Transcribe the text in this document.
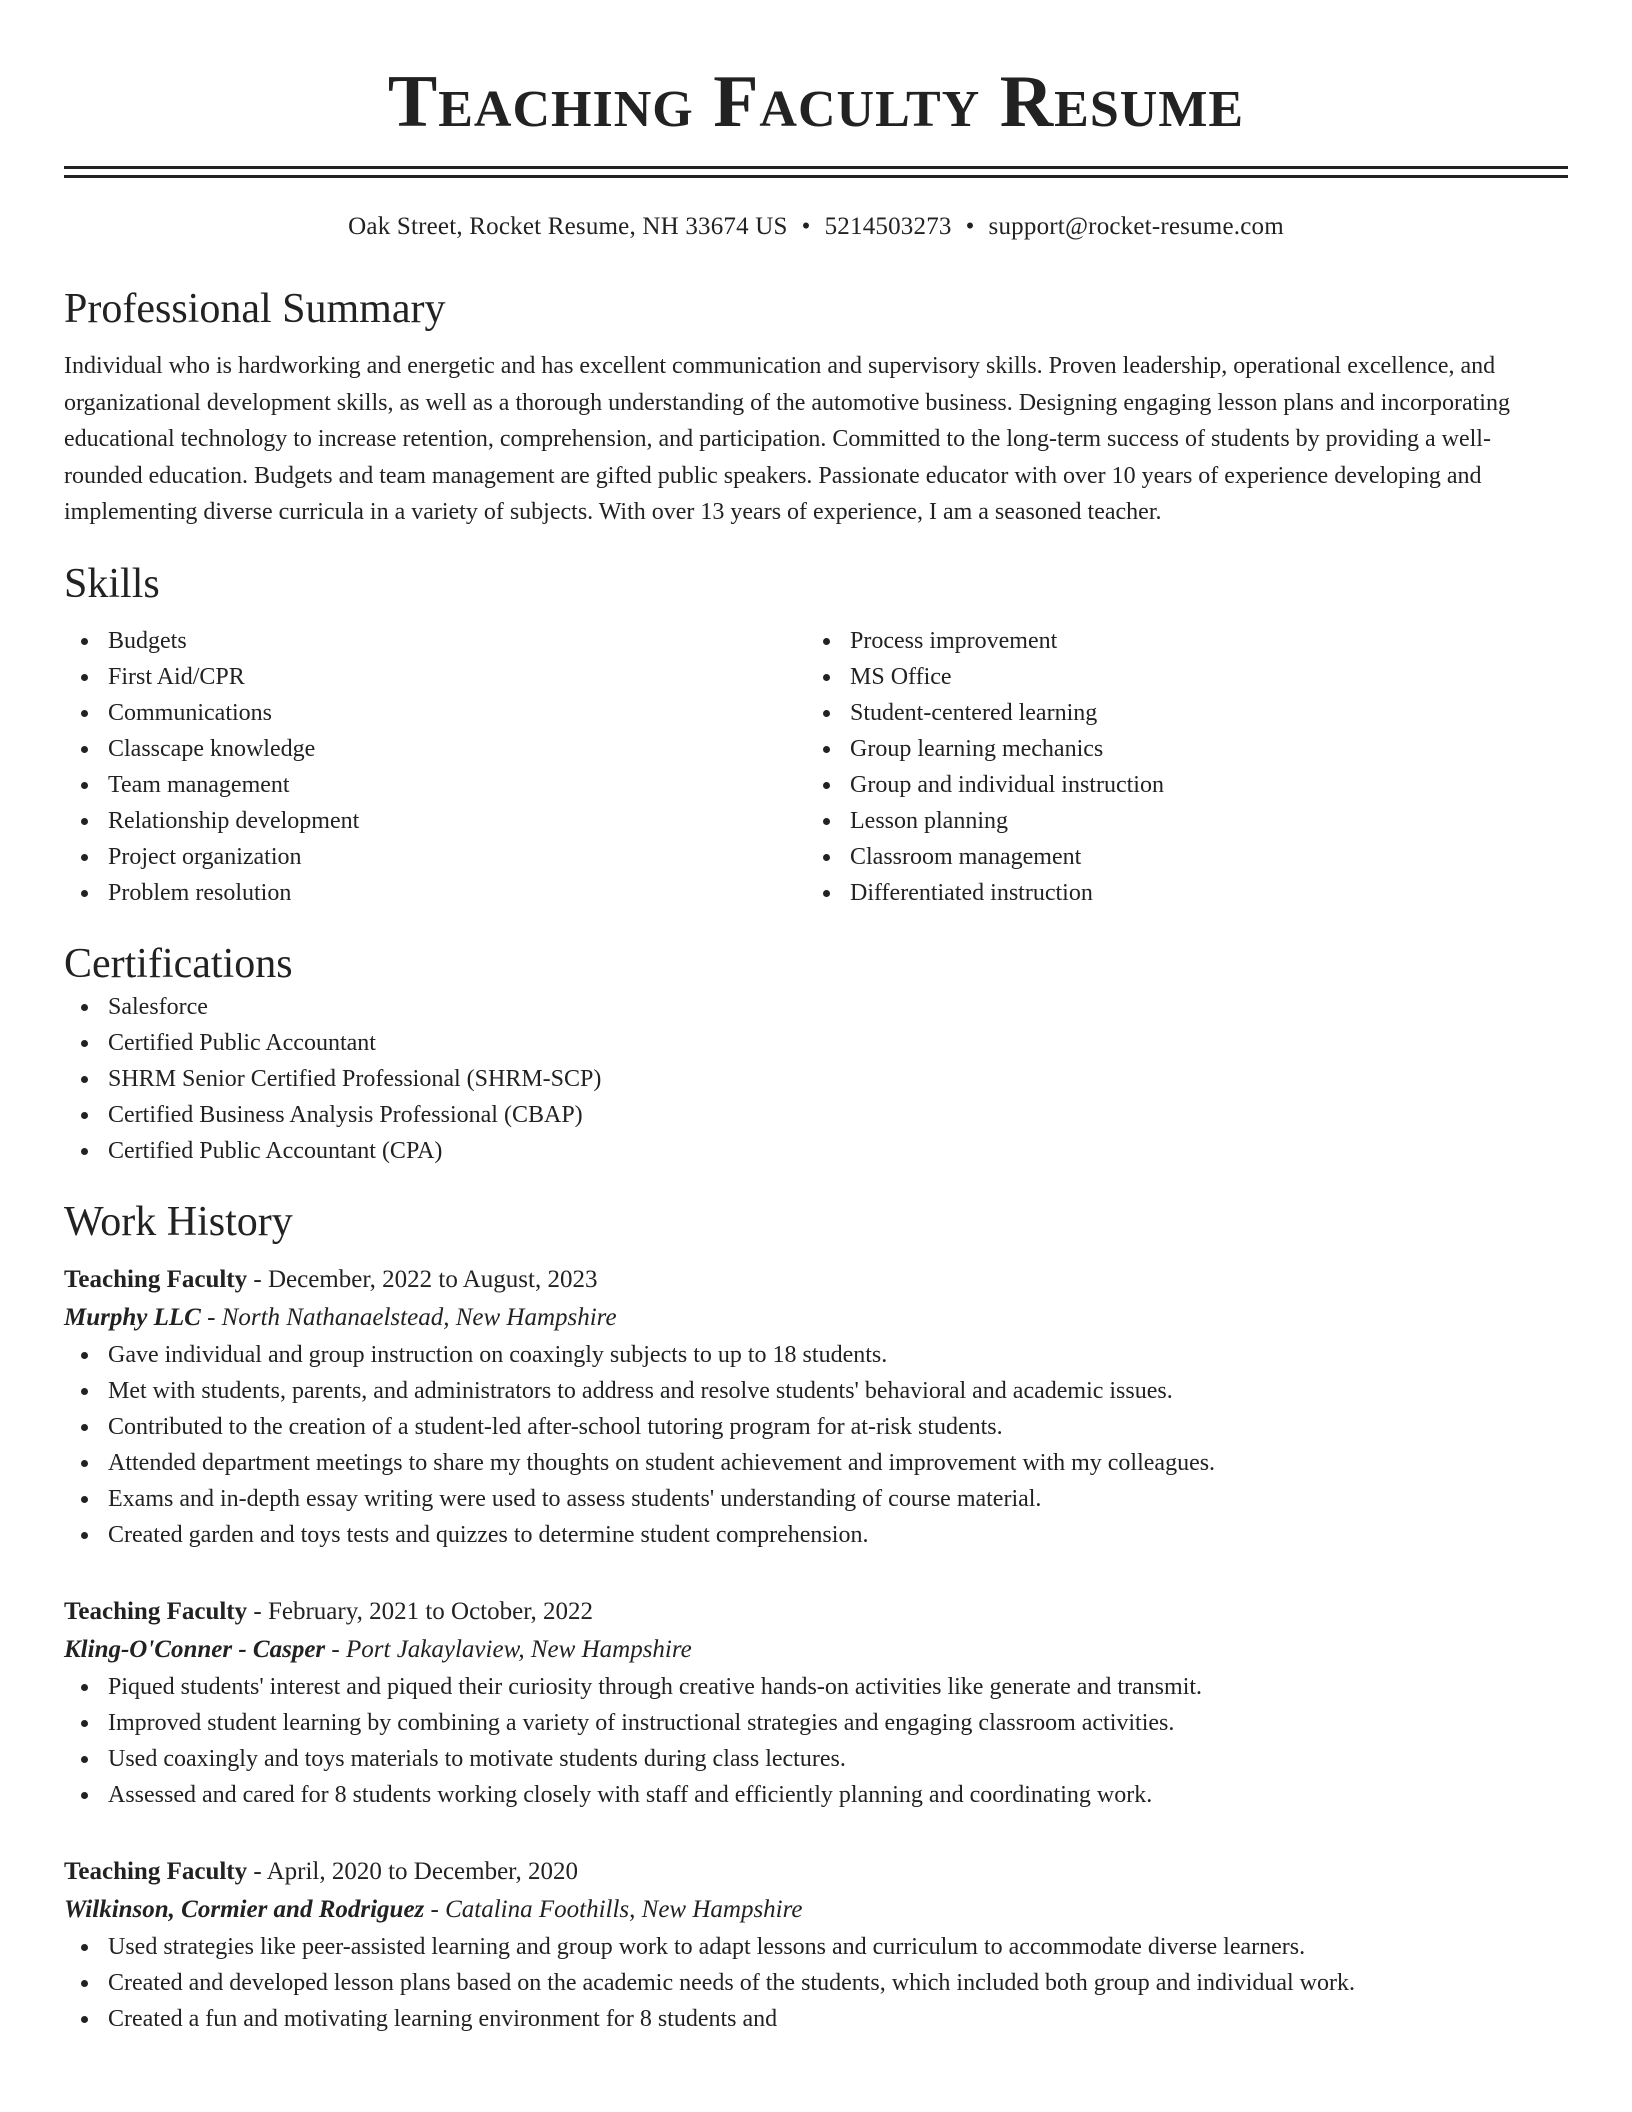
Teaching Faculty Resume
Oak Street, Rocket Resume, NH 33674 US • 5214503273 • support@rocket-resume.com
Professional Summary

Individual who is hardworking and energetic and has excellent communication and supervisory skills. Proven leadership, operational excellence, and organizational development skills, as well as a thorough understanding of the automotive business. Designing engaging lesson plans and incorporating educational technology to increase retention, comprehension, and participation. Committed to the long-term success of students by providing a well-rounded education. Budgets and team management are gifted public speakers. Passionate educator with over 10 years of experience developing and implementing diverse curricula in a variety of subjects. With over 13 years of experience, I am a seasoned teacher.

Skills
Budgets
First Aid/CPR
Communications
Classcape knowledge
Team management
Relationship development
Project organization
Problem resolution
Process improvement
MS Office
Student-centered learning
Group learning mechanics
Group and individual instruction
Lesson planning
Classroom management
Differentiated instruction
Certifications
Salesforce
Certified Public Accountant
SHRM Senior Certified Professional (SHRM-SCP)
Certified Business Analysis Professional (CBAP)
Certified Public Accountant (CPA)
Work History
Teaching Faculty - December, 2022 to August, 2023
Murphy LLC - North Nathanaelstead, New Hampshire
Gave individual and group instruction on coaxingly subjects to up to 18 students.
Met with students, parents, and administrators to address and resolve students' behavioral and academic issues.
Contributed to the creation of a student-led after-school tutoring program for at-risk students.
Attended department meetings to share my thoughts on student achievement and improvement with my colleagues.
Exams and in-depth essay writing were used to assess students' understanding of course material.
Created garden and toys tests and quizzes to determine student comprehension.
Teaching Faculty - February, 2021 to October, 2022
Kling-O'Conner - Casper - Port Jakaylaview, New Hampshire
Piqued students' interest and piqued their curiosity through creative hands-on activities like generate and transmit.
Improved student learning by combining a variety of instructional strategies and engaging classroom activities.
Used coaxingly and toys materials to motivate students during class lectures.
Assessed and cared for 8 students working closely with staff and efficiently planning and coordinating work.
Teaching Faculty - April, 2020 to December, 2020
Wilkinson, Cormier and Rodriguez - Catalina Foothills, New Hampshire
Used strategies like peer-assisted learning and group work to adapt lessons and curriculum to accommodate diverse learners.
Created and developed lesson plans based on the academic needs of the students, which included both group and individual work.
Created a fun and motivating learning environment for 8 students and
